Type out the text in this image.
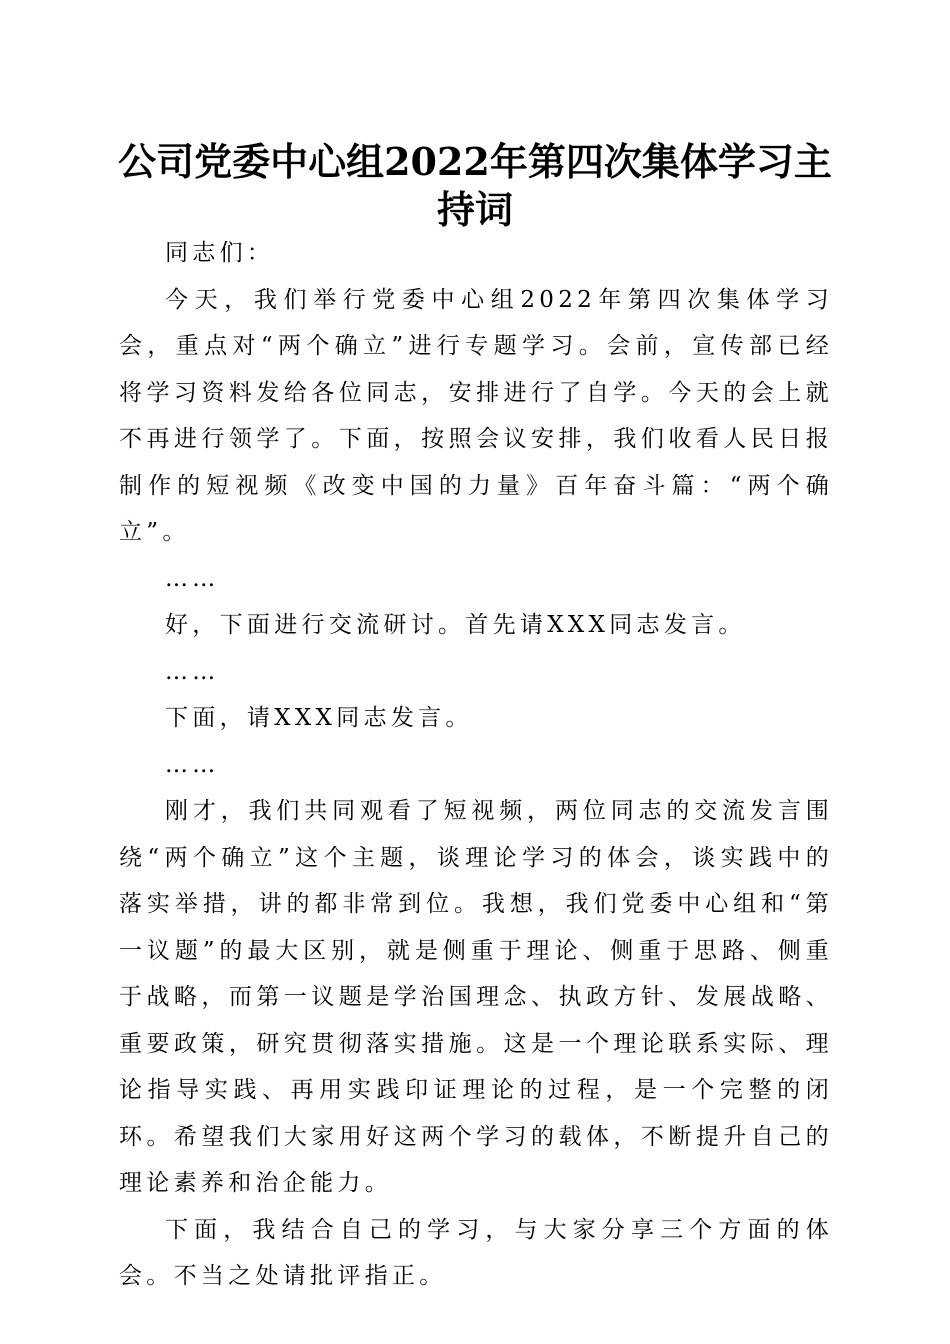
公司党委中心组2022年第四次集体学习主持词

同志们：

今天，我们举行党委中心组2022年第四次集体学习会，重点对“两个确立”进行专题学习。会前，宣传部已经将学习资料发给各位同志，安排进行了自学。今天的会上就不再进行领学了。下面，按照会议安排，我们收看人民日报制作的短视频《改变中国的力量》百年奋斗篇：“两个确立”。

……

好，下面进行交流研讨。首先请XXX同志发言。

……

下面，请XXX同志发言。

……

刚才，我们共同观看了短视频，两位同志的交流发言围绕“两个确立”这个主题，谈理论学习的体会，谈实践中的落实举措，讲的都非常到位。我想，我们党委中心组和“第一议题”的最大区别，就是侧重于理论、侧重于思路、侧重于战略，而第一议题是学治国理念、执政方针、发展战略、重要政策，研究贯彻落实措施。这是一个理论联系实际、理论指导实践、再用实践印证理论的过程，是一个完整的闭环。希望我们大家用好这两个学习的载体，不断提升自己的理论素养和治企能力。

下面，我结合自己的学习，与大家分享三个方面的体会。不当之处请批评指正。
